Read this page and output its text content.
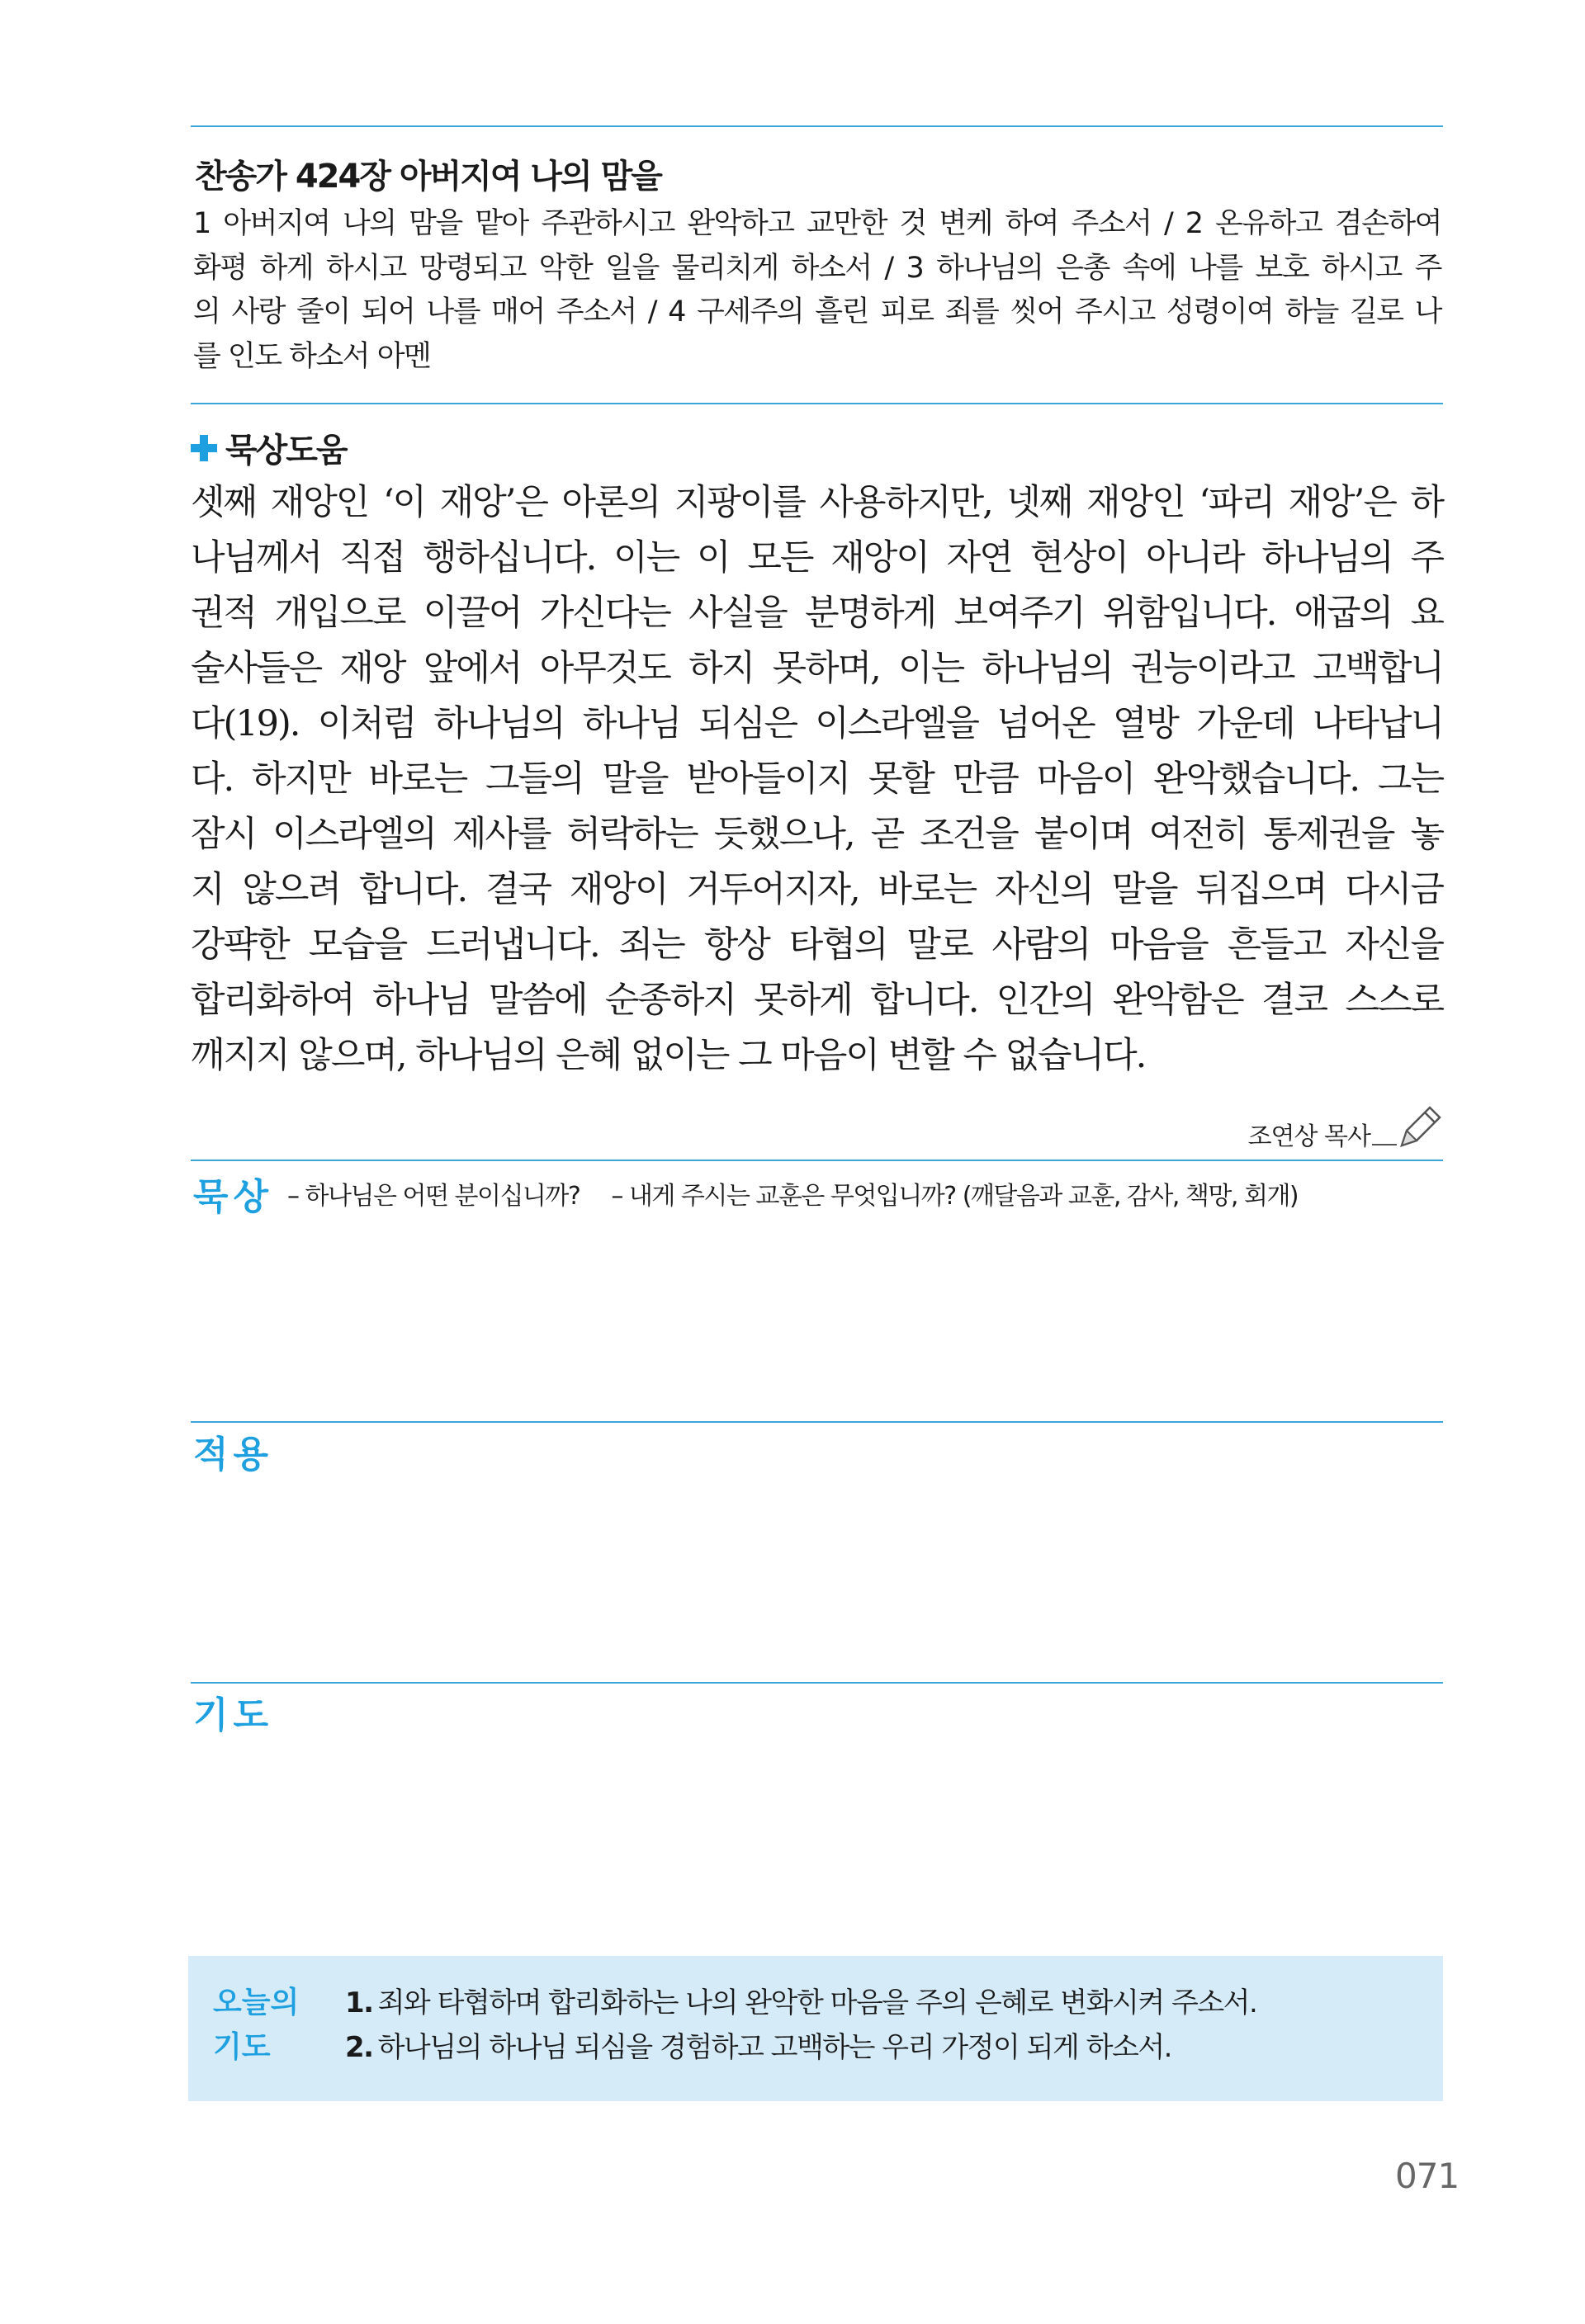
찬송가 424장 아버지여 나의 맘을
1 아버지여 나의 맘을 맡아 주관하시고 완악하고 교만한 것 변케 하여 주소서 / 2 온유하고 겸손하여
화평 하게 하시고 망령되고 악한 일을 물리치게 하소서 / 3 하나님의 은총 속에 나를 보호 하시고 주
의 사랑 줄이 되어 나를 매어 주소서 / 4 구세주의 흘린 피로 죄를 씻어 주시고 성령이여 하늘 길로 나
를 인도 하소서 아멘
묵상도움
셋째 재앙인 ‘이 재앙’은 아론의 지팡이를 사용하지만, 넷째 재앙인 ‘파리 재앙’은 하
나님께서 직접 행하십니다. 이는 이 모든 재앙이 자연 현상이 아니라 하나님의 주
권적 개입으로 이끌어 가신다는 사실을 분명하게 보여주기 위함입니다. 애굽의 요
술사들은 재앙 앞에서 아무것도 하지 못하며, 이는 하나님의 권능이라고 고백합니
다(19). 이처럼 하나님의 하나님 되심은 이스라엘을 넘어온 열방 가운데 나타납니
다. 하지만 바로는 그들의 말을 받아들이지 못할 만큼 마음이 완악했습니다. 그는
잠시 이스라엘의 제사를 허락하는 듯했으나, 곧 조건을 붙이며 여전히 통제권을 놓
지 않으려 합니다. 결국 재앙이 거두어지자, 바로는 자신의 말을 뒤집으며 다시금
강퍅한 모습을 드러냅니다. 죄는 항상 타협의 말로 사람의 마음을 흔들고 자신을
합리화하여 하나님 말씀에 순종하지 못하게 합니다. 인간의 완악함은 결코 스스로
깨지지 않으며, 하나님의 은혜 없이는 그 마음이 변할 수 없습니다.
조연상 목사
묵상 – 하나님은 어떤 분이십니까? – 내게 주시는 교훈은 무엇입니까? (깨달음과 교훈, 감사, 책망, 회개)
적용
기도
오늘의
기도
1. 죄와 타협하며 합리화하는 나의 완악한 마음을 주의 은혜로 변화시켜 주소서.
2. 하나님의 하나님 되심을 경험하고 고백하는 우리 가정이 되게 하소서.
071
